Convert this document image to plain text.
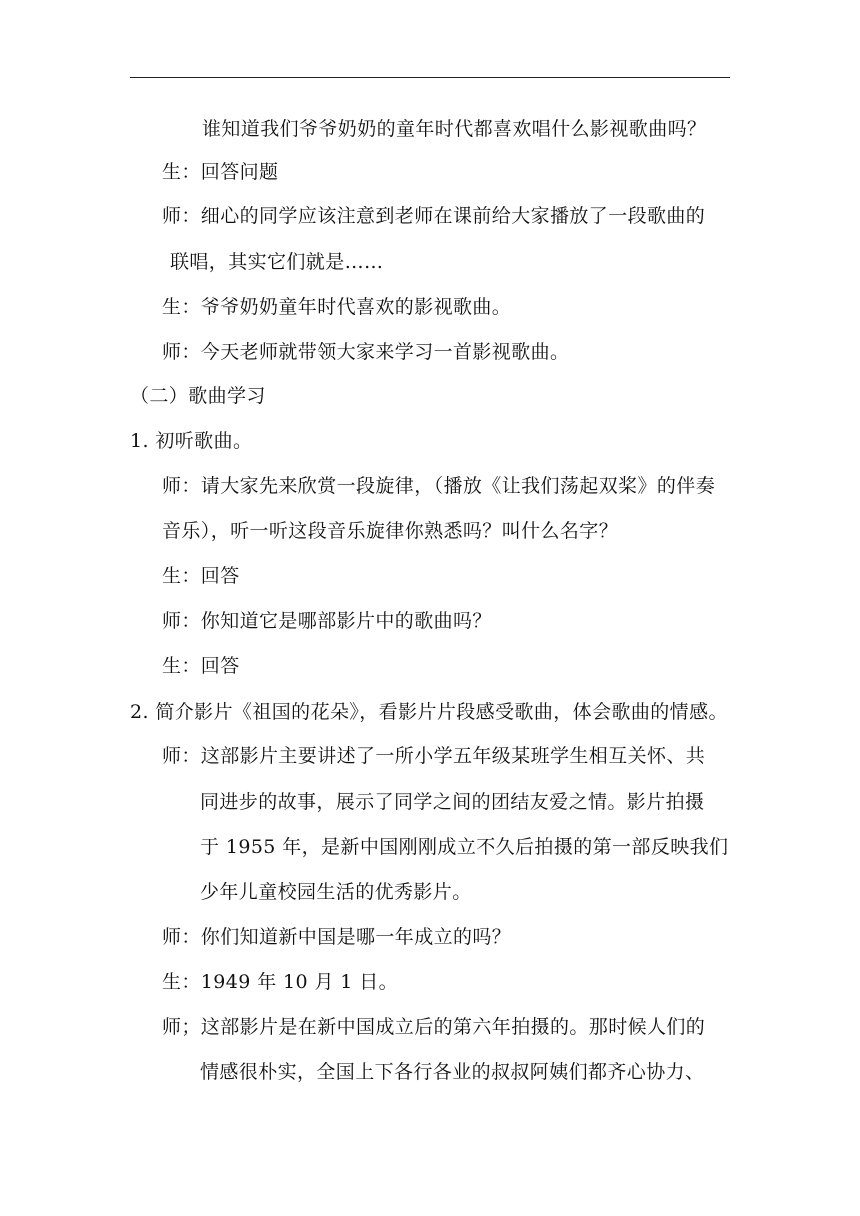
谁知道我们爷爷奶奶的童年时代都喜欢唱什么影视歌曲吗？
生：回答问题
师：细心的同学应该注意到老师在课前给大家播放了一段歌曲的
联唱，其实它们就是……
生：爷爷奶奶童年时代喜欢的影视歌曲。
师：今天老师就带领大家来学习一首影视歌曲。
（二）歌曲学习
1. 初听歌曲。
师：请大家先来欣赏一段旋律，（播放《让我们荡起双桨》的伴奏
音乐），听一听这段音乐旋律你熟悉吗？叫什么名字？
生：回答
师：你知道它是哪部影片中的歌曲吗？
生：回答
2. 简介影片《祖国的花朵》，看影片片段感受歌曲，体会歌曲的情感。
师：这部影片主要讲述了一所小学五年级某班学生相互关怀、共
同进步的故事，展示了同学之间的团结友爱之情。影片拍摄
于 1955 年，是新中国刚刚成立不久后拍摄的第一部反映我们
少年儿童校园生活的优秀影片。
师：你们知道新中国是哪一年成立的吗？
生：1949 年 10 月 1 日。
师；这部影片是在新中国成立后的第六年拍摄的。那时候人们的
情感很朴实，全国上下各行各业的叔叔阿姨们都齐心协力、
